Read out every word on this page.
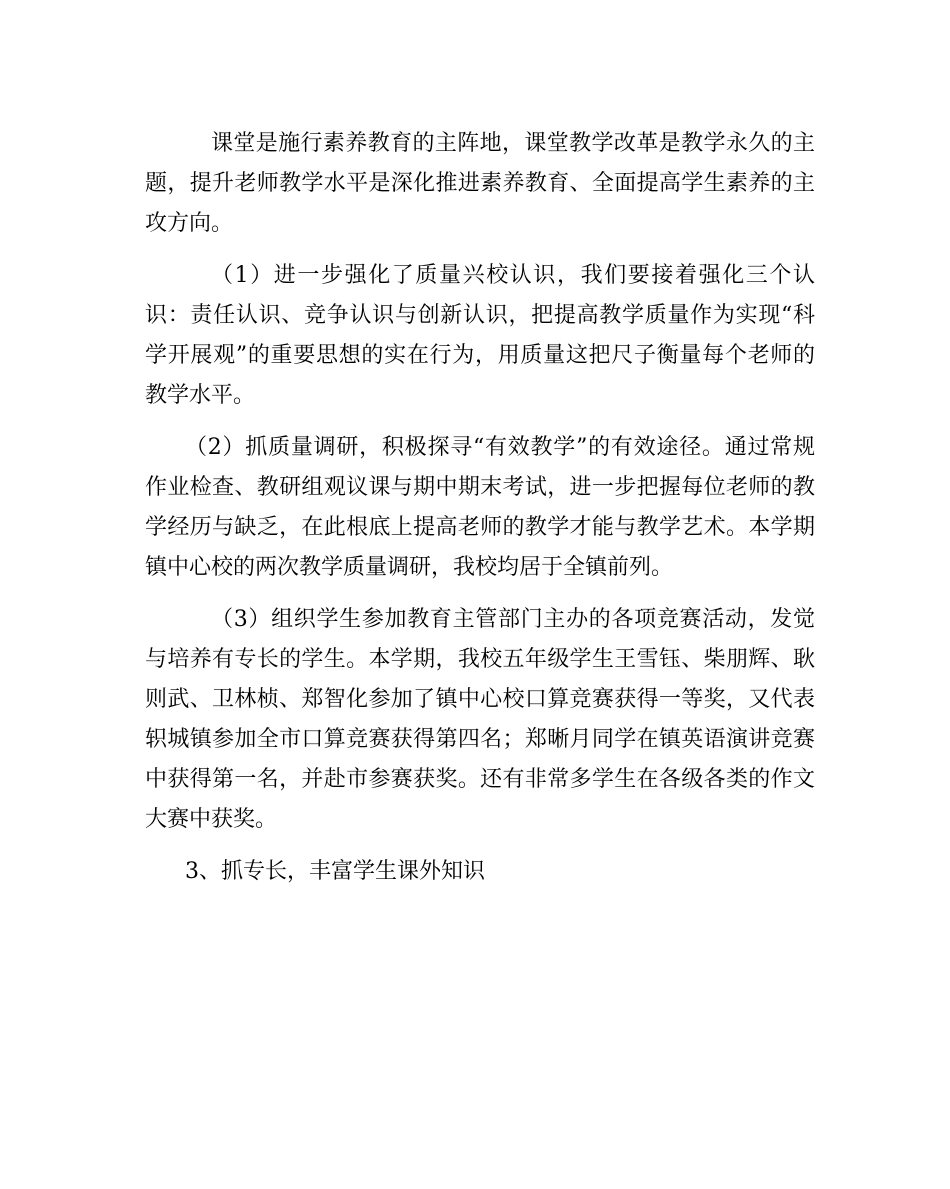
课堂是施行素养教育的主阵地，课堂教学改革是教学永久的主题，提升老师教学水平是深化推进素养教育、全面提高学生素养的主攻方向。

（1）进一步强化了质量兴校认识，我们要接着强化三个认识：责任认识、竞争认识与创新认识，把提高教学质量作为实现“科学开展观”的重要思想的实在行为，用质量这把尺子衡量每个老师的教学水平。

（2）抓质量调研，积极探寻“有效教学”的有效途径。通过常规作业检查、教研组观议课与期中期末考试，进一步把握每位老师的教学经历与缺乏，在此根底上提高老师的教学才能与教学艺术。本学期镇中心校的两次教学质量调研，我校均居于全镇前列。

（3）组织学生参加教育主管部门主办的各项竞赛活动，发觉与培养有专长的学生。本学期，我校五年级学生王雪钰、柴朋辉、耿则武、卫林桢、郑智化参加了镇中心校口算竞赛获得一等奖，又代表轵城镇参加全市口算竞赛获得第四名；郑晰月同学在镇英语演讲竞赛中获得第一名，并赴市参赛获奖。还有非常多学生在各级各类的作文大赛中获奖。

3、抓专长，丰富学生课外知识
